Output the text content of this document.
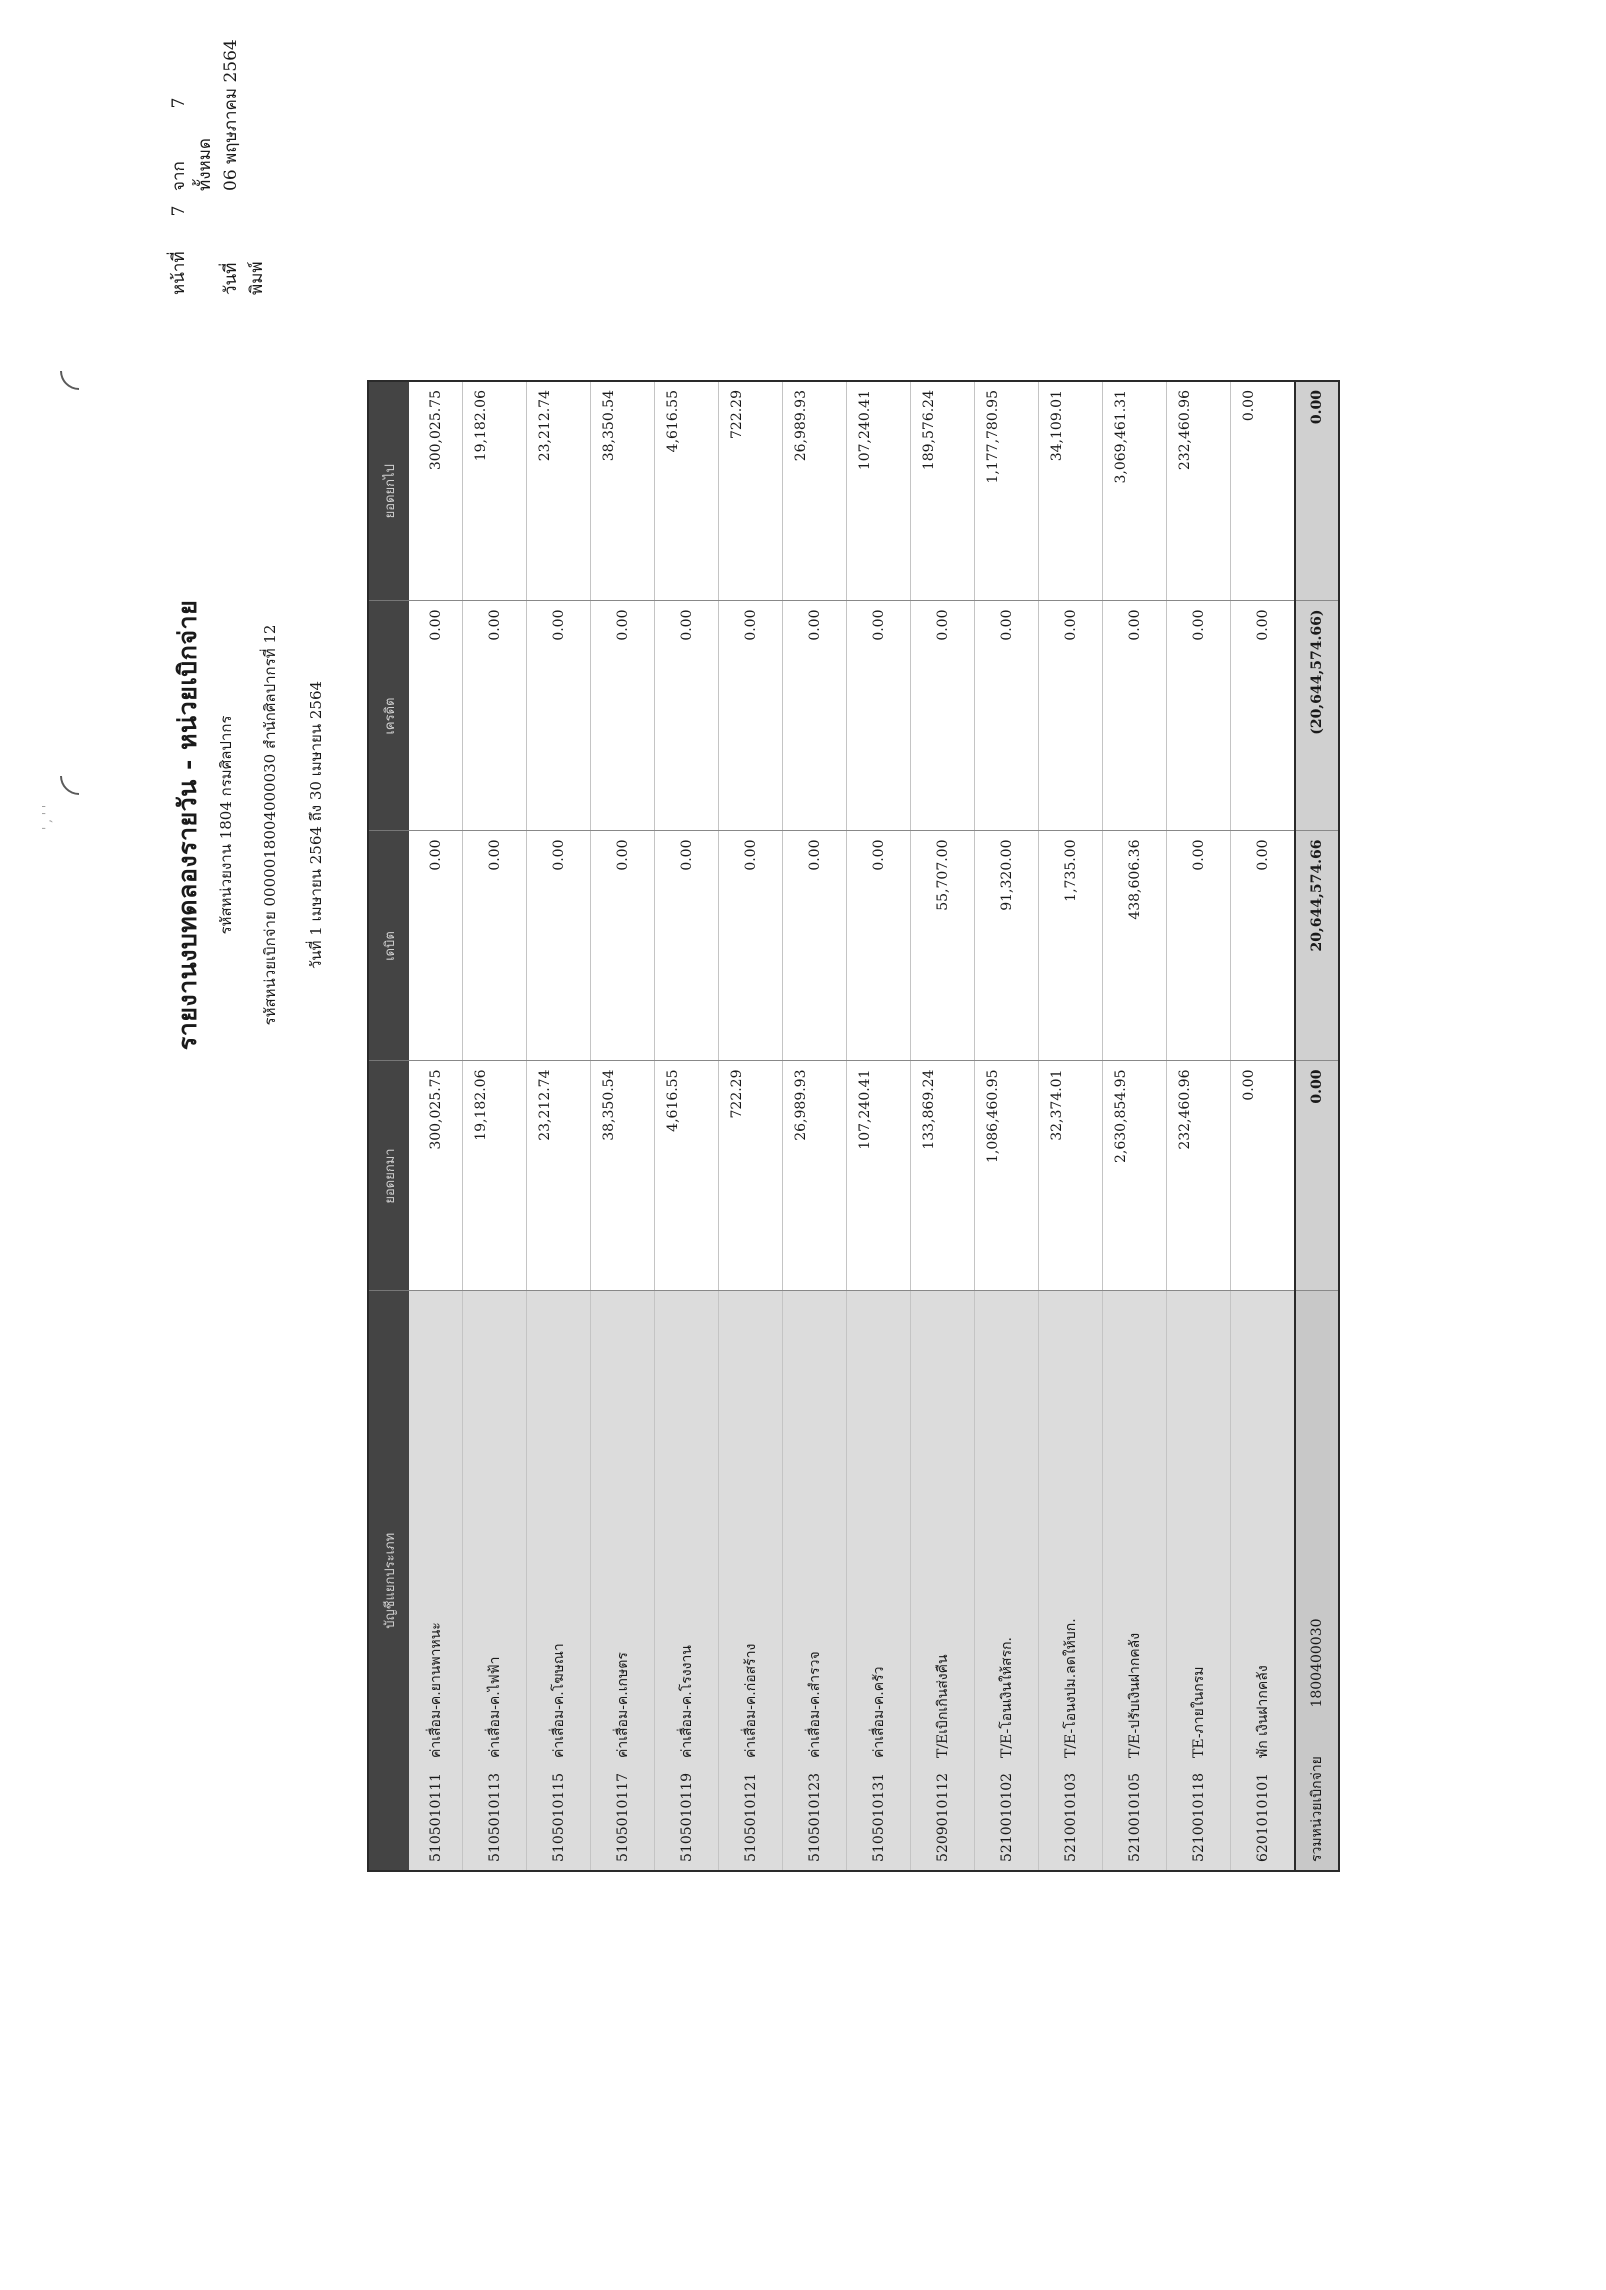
' , ' '
หน้าที่
7
จากทั้งหมด
7
วันที่พิมพ์
06 พฤษภาคม 2564
รายงานงบทดลองรายวัน - หน่วยเบิกจ่าย	รหัสหน่วยงาน 1804 กรมศิลปากร รหัสหน่วยเบิกจ่าย 0000018004000030 สำนักศิลปากรที่ 12 วันที่ 1 เมษายน 2564 ถึง 30 เมษายน 2564
บัญชีแยกประเภท	ยอดยกมา	เดบิต	เครดิต	ยอดยกไป
5105010111ค่าเสื่อม-ค.ยานพาหนะ	300,025.75	0.00	0.00	300,025.75
5105010113ค่าเสื่อม-ค.ไฟฟ้า	19,182.06	0.00	0.00	19,182.06
5105010115ค่าเสื่อม-ค.โฆษณา	23,212.74	0.00	0.00	23,212.74
5105010117ค่าเสื่อม-ค.เกษตร	38,350.54	0.00	0.00	38,350.54
5105010119ค่าเสื่อม-ค.โรงงาน	4,616.55	0.00	0.00	4,616.55
5105010121ค่าเสื่อม-ค.ก่อสร้าง	722.29	0.00	0.00	722.29
5105010123ค่าเสื่อม-ค.สำรวจ	26,989.93	0.00	0.00	26,989.93
5105010131ค่าเสื่อม-ค.ครัว	107,240.41	0.00	0.00	107,240.41
5209010112T/Eเบิกเกินส่งคืน	133,869.24	55,707.00	0.00	189,576.24
5210010102T/E-โอนเงินให้สรก.	1,086,460.95	91,320.00	0.00	1,177,780.95
5210010103T/E-โอนงปม.ลดให้บก.	32,374.01	1,735.00	0.00	34,109.01
5210010105T/E-ปรับเงินฝากคลัง	2,630,854.95	438,606.36	0.00	3,069,461.31
5210010118TE-ภายในกรม	232,460.96	0.00	0.00	232,460.96
6201010101พัก เงินฝากคลัง	0.00	0.00	0.00	0.00
รวมหน่วยเบิกจ่าย 1800400030	0.00	20,644,574.66	(20,644,574.66)	0.00
